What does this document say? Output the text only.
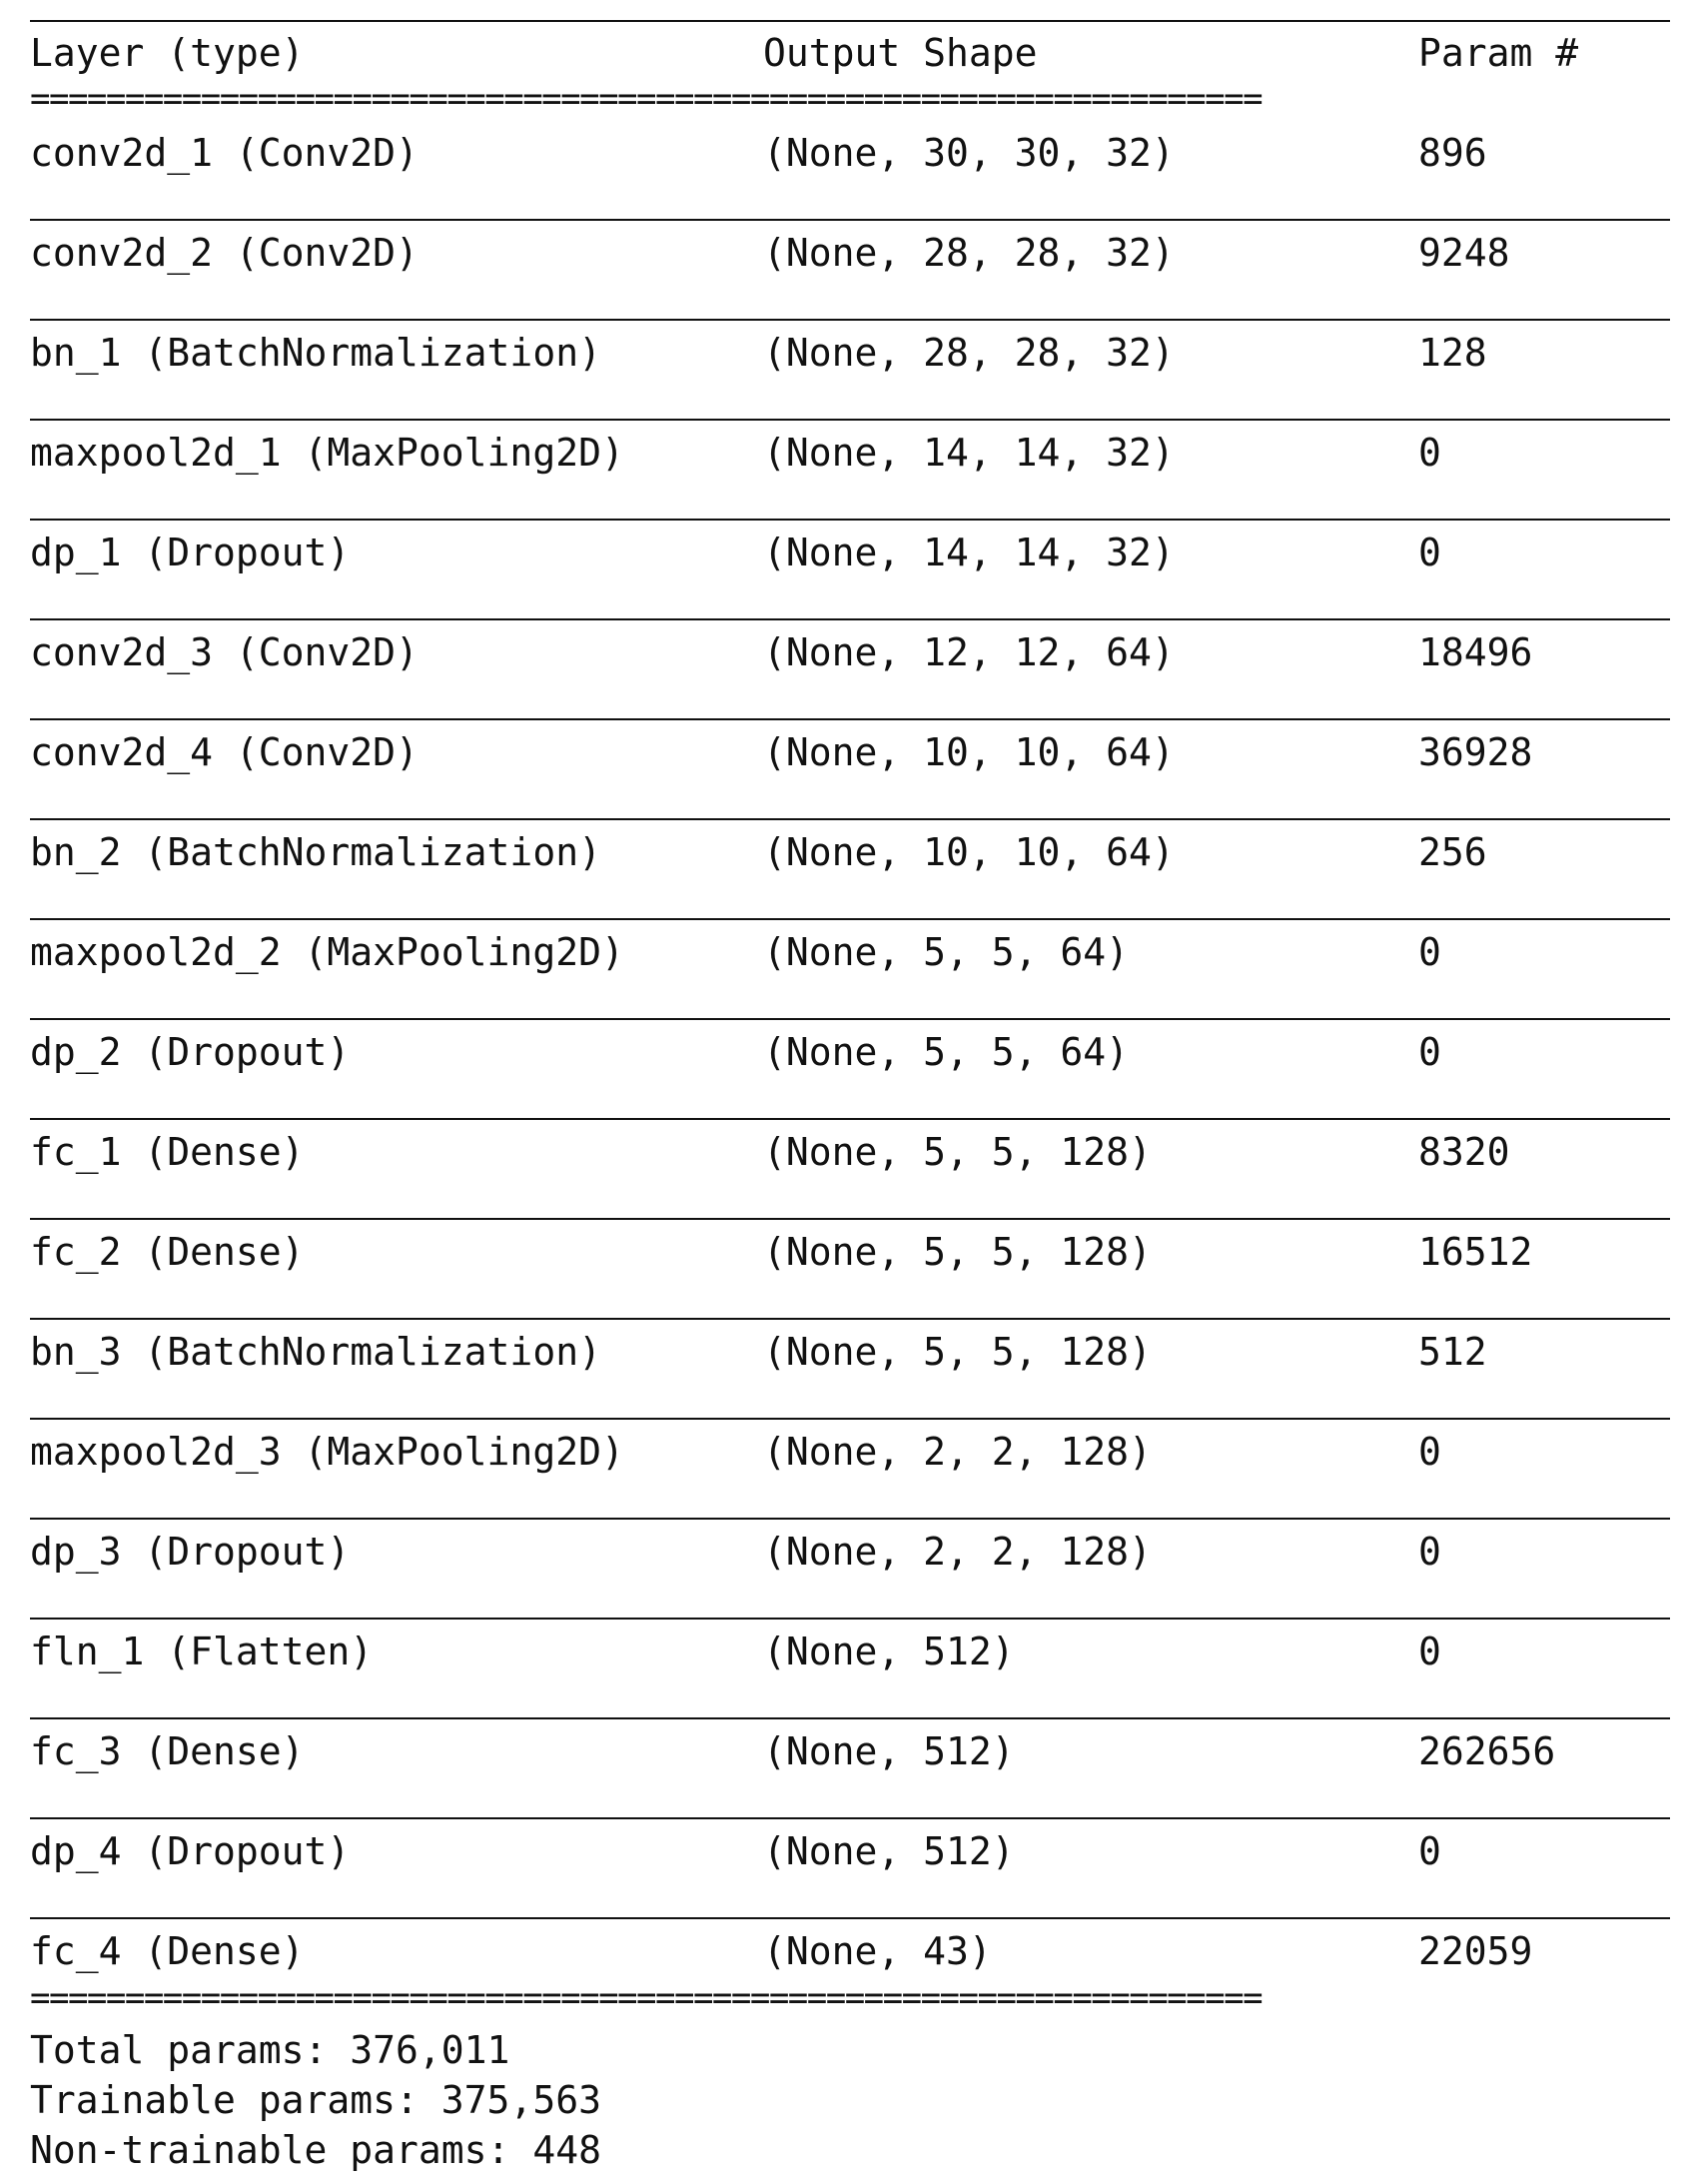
Layer (type)	Output Shape	Param #
=================================================================
conv2d_1 (Conv2D)	(None, 30, 30, 32)	896
conv2d_2 (Conv2D)	(None, 28, 28, 32)	9248
bn_1 (BatchNormalization)	(None, 28, 28, 32)	128
maxpool2d_1 (MaxPooling2D)	(None, 14, 14, 32)	0
dp_1 (Dropout)	(None, 14, 14, 32)	0
conv2d_3 (Conv2D)	(None, 12, 12, 64)	18496
conv2d_4 (Conv2D)	(None, 10, 10, 64)	36928
bn_2 (BatchNormalization)	(None, 10, 10, 64)	256
maxpool2d_2 (MaxPooling2D)	(None, 5, 5, 64)	0
dp_2 (Dropout)	(None, 5, 5, 64)	0
fc_1 (Dense)	(None, 5, 5, 128)	8320
fc_2 (Dense)	(None, 5, 5, 128)	16512
bn_3 (BatchNormalization)	(None, 5, 5, 128)	512
maxpool2d_3 (MaxPooling2D)	(None, 2, 2, 128)	0
dp_3 (Dropout)	(None, 2, 2, 128)	0
fln_1 (Flatten)	(None, 512)	0
fc_3 (Dense)	(None, 512)	262656
dp_4 (Dropout)	(None, 512)	0
fc_4 (Dense)	(None, 43)	22059
=================================================================
Total params: 376,011
Trainable params: 375,563
Non-trainable params: 448
